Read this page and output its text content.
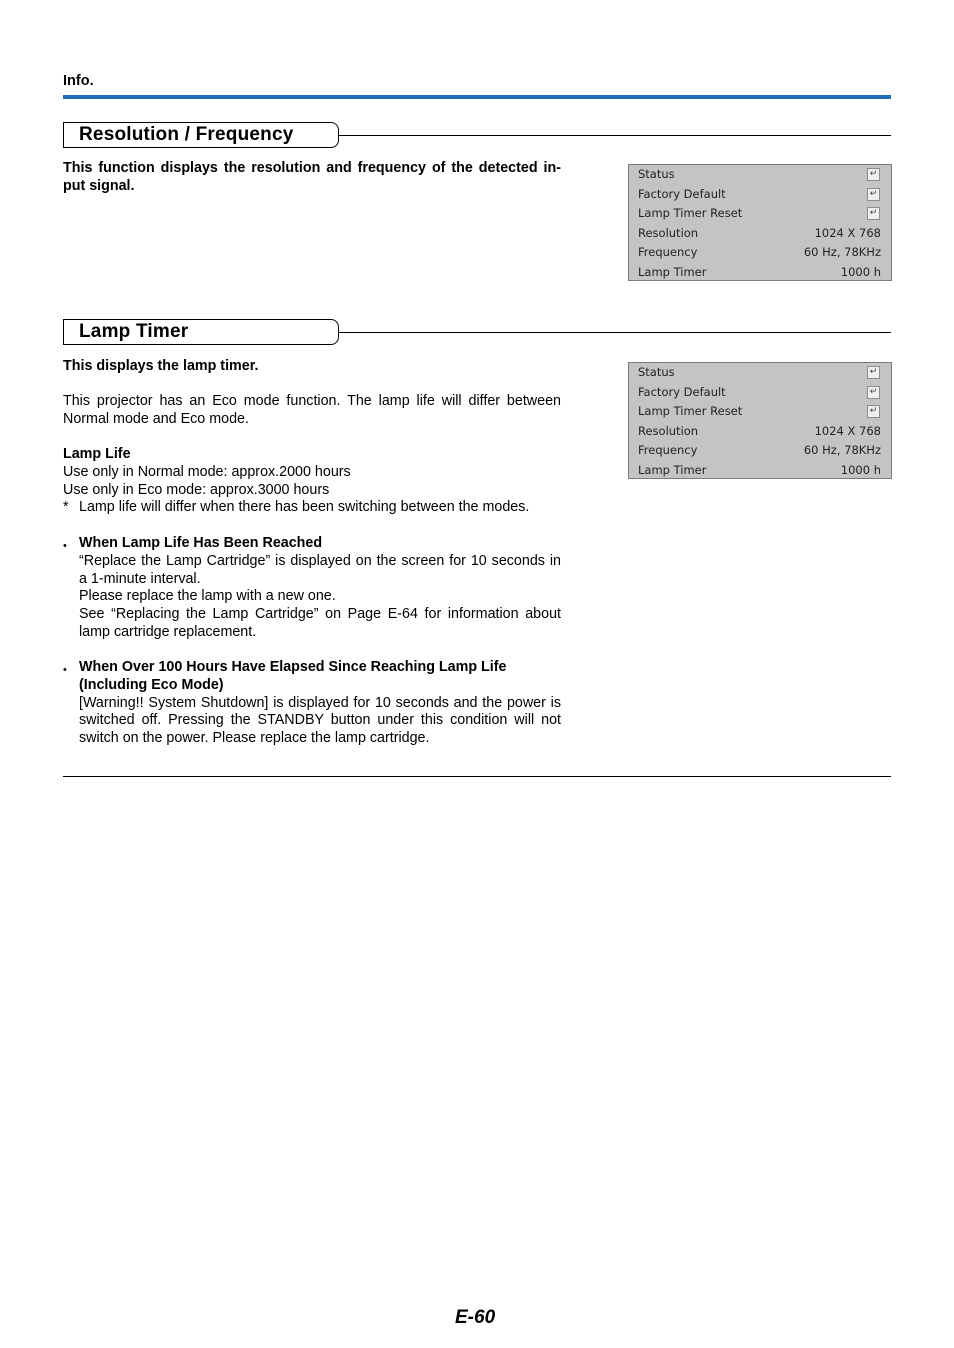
Info.
Resolution / Frequency
This function displays the resolution and frequency of the detected in-
put signal.
Status	↵
Factory Default	↵
Lamp Timer Reset	↵
Resolution	1024 X 768
Frequency	60 Hz, 78KHz
Lamp Timer	1000 h
Lamp Timer
This displays the lamp timer.
This projector has an Eco mode function. The lamp life will differ between
Normal mode and Eco mode.
Lamp Life
Use only in Normal mode: approx.2000 hours
Use only in Eco mode: approx.3000 hours
* Lamp life will differ when there has been switching between the modes.
• When Lamp Life Has Been Reached
“Replace the Lamp Cartridge” is displayed on the screen for 10 seconds in
a 1-minute interval.
Please replace the lamp with a new one.
See “Replacing the Lamp Cartridge” on Page E-64 for information about
lamp cartridge replacement.
• When Over 100 Hours Have Elapsed Since Reaching Lamp Life
(Including Eco Mode)
[Warning!! System Shutdown] is displayed for 10 seconds and the power is
switched off. Pressing the STANDBY button under this condition will not
switch on the power. Please replace the lamp cartridge.
Status	↵
Factory Default	↵
Lamp Timer Reset	↵
Resolution	1024 X 768
Frequency	60 Hz, 78KHz
Lamp Timer	1000 h
E-60
